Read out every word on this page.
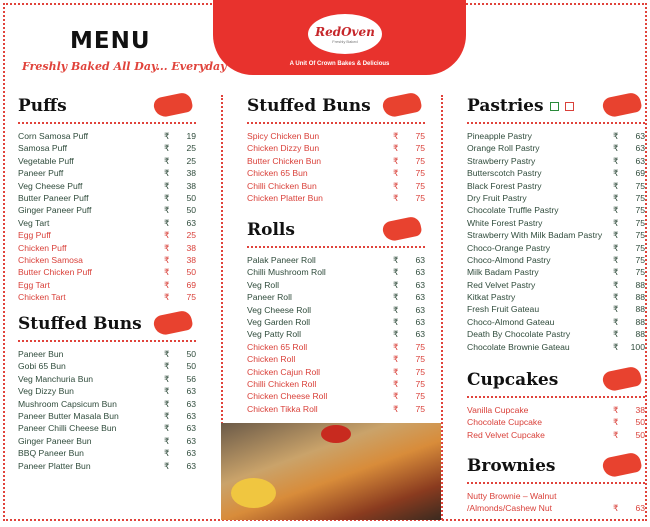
RedOven
Freshly Baked
A Unit Of Crown Bakes & Delicious
MENU
Freshly Baked All Day... Everyday
Puffs
Corn Samosa Puff	₹	19
Samosa Puff	₹	25
Vegetable Puff	₹	25
Paneer Puff	₹	38
Veg Cheese Puff	₹	38
Butter Paneer Puff	₹	50
Ginger Paneer Puff	₹	50
Veg Tart	₹	63
Egg Puff	₹	25
Chicken Puff	₹	38
Chicken Samosa	₹	38
Butter Chicken Puff	₹	50
Egg Tart	₹	69
Chicken Tart	₹	75
Stuffed Buns
Paneer Bun	₹	50
Gobi 65 Bun	₹	50
Veg Manchuria Bun	₹	56
Veg Dizzy Bun	₹	63
Mushroom Capsicum Bun	₹	63
Paneer Butter Masala Bun	₹	63
Paneer Chilli Cheese Bun	₹	63
Ginger Paneer Bun	₹	63
BBQ Paneer Bun	₹	63
Paneer Platter Bun	₹	63
Stuffed Buns
Spicy Chicken Bun	₹	75
Chicken Dizzy Bun	₹	75
Butter Chicken Bun	₹	75
Chicken 65 Bun	₹	75
Chilli Chicken Bun	₹	75
Chicken Platter Bun	₹	75
Rolls
Palak Paneer Roll	₹	63
Chilli Mushroom Roll	₹	63
Veg Roll	₹	63
Paneer Roll	₹	63
Veg Cheese Roll	₹	63
Veg Garden Roll	₹	63
Veg Patty Roll	₹	63
Chicken 65 Roll	₹	75
Chicken Roll	₹	75
Chicken Cajun Roll	₹	75
Chilli Chicken Roll	₹	75
Chicken Cheese Roll	₹	75
Chicken Tikka Roll	₹	75
Pastries
Pineapple Pastry	₹	63
Orange Roll Pastry	₹	63
Strawberry Pastry	₹	63
Butterscotch Pastry	₹	69
Black Forest Pastry	₹	75
Dry Fruit Pastry	₹	75
Chocolate Truffle Pastry	₹	75
White Forest Pastry	₹	75
Strawberry With Milk Badam Pastry	₹	75
Choco-Orange Pastry	₹	75
Choco-Almond Pastry	₹	75
Milk Badam Pastry	₹	75
Red Velvet Pastry	₹	88
Kitkat Pastry	₹	88
Fresh Fruit Gateau	₹	88
Choco-Almond Gateau	₹	88
Death By Chocolate Pastry	₹	88
Chocolate Brownie Gateau	₹	100
Cupcakes
Vanilla Cupcake	₹	38
Chocolate Cupcake	₹	50
Red Velvet Cupcake	₹	50
Brownies
Nutty Brownie – Walnut
/Almonds/Cashew Nut	₹	63
